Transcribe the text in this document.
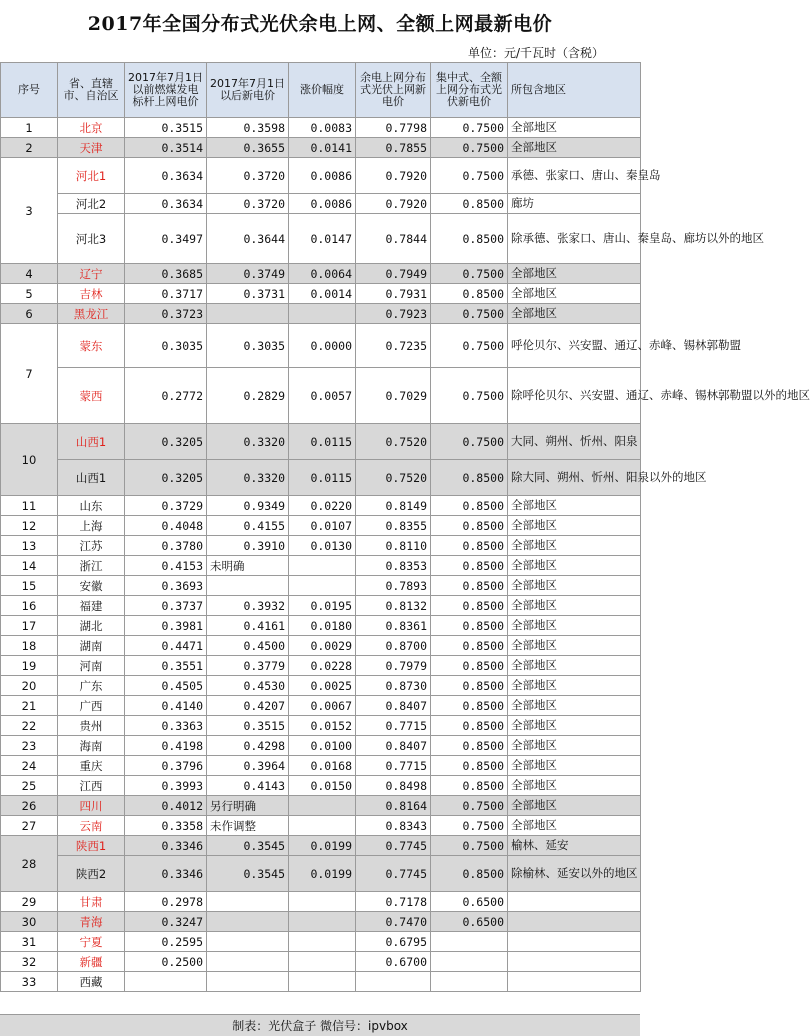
2017年全国分布式光伏余电上网、全额上网最新电价
单位：元/千瓦时（含税）
序号	省、直辖市、自治区	2017年7月1日以前燃煤发电标杆上网电价	2017年7月1日以后新电价	涨价幅度	余电上网分布式光伏上网新电价	集中式、全额上网分布式光伏新电价	所包含地区
1	北京	0.3515	0.3598	0.0083	0.7798	0.7500	全部地区
2	天津	0.3514	0.3655	0.0141	0.7855	0.7500	全部地区
3	河北1	0.3634	0.3720	0.0086	0.7920	0.7500	承德、张家口、唐山、秦皇岛
	河北2	0.3634	0.3720	0.0086	0.7920	0.8500	廊坊
	河北3	0.3497	0.3644	0.0147	0.7844	0.8500	除承德、张家口、唐山、秦皇岛、廊坊以外的地区
4	辽宁	0.3685	0.3749	0.0064	0.7949	0.7500	全部地区
5	吉林	0.3717	0.3731	0.0014	0.7931	0.8500	全部地区
6	黑龙江	0.3723			0.7923	0.7500	全部地区
7	蒙东	0.3035	0.3035	0.0000	0.7235	0.7500	呼伦贝尔、兴安盟、通辽、赤峰、锡林郭勒盟
	蒙西	0.2772	0.2829	0.0057	0.7029	0.7500	除呼伦贝尔、兴安盟、通辽、赤峰、锡林郭勒盟以外的地区
10	山西1	0.3205	0.3320	0.0115	0.7520	0.7500	大同、朔州、忻州、阳泉
	山西1	0.3205	0.3320	0.0115	0.7520	0.8500	除大同、朔州、忻州、阳泉以外的地区
11	山东	0.3729	0.9349	0.0220	0.8149	0.8500	全部地区
12	上海	0.4048	0.4155	0.0107	0.8355	0.8500	全部地区
13	江苏	0.3780	0.3910	0.0130	0.8110	0.8500	全部地区
14	浙江	0.4153	未明确		0.8353	0.8500	全部地区
15	安徽	0.3693			0.7893	0.8500	全部地区
16	福建	0.3737	0.3932	0.0195	0.8132	0.8500	全部地区
17	湖北	0.3981	0.4161	0.0180	0.8361	0.8500	全部地区
18	湖南	0.4471	0.4500	0.0029	0.8700	0.8500	全部地区
19	河南	0.3551	0.3779	0.0228	0.7979	0.8500	全部地区
20	广东	0.4505	0.4530	0.0025	0.8730	0.8500	全部地区
21	广西	0.4140	0.4207	0.0067	0.8407	0.8500	全部地区
22	贵州	0.3363	0.3515	0.0152	0.7715	0.8500	全部地区
23	海南	0.4198	0.4298	0.0100	0.8407	0.8500	全部地区
24	重庆	0.3796	0.3964	0.0168	0.7715	0.8500	全部地区
25	江西	0.3993	0.4143	0.0150	0.8498	0.8500	全部地区
26	四川	0.4012	另行明确		0.8164	0.7500	全部地区
27	云南	0.3358	未作调整		0.8343	0.7500	全部地区
28	陕西1	0.3346	0.3545	0.0199	0.7745	0.7500	榆林、延安
	陕西2	0.3346	0.3545	0.0199	0.7745	0.8500	除榆林、延安以外的地区
29	甘肃	0.2978			0.7178	0.6500	
30	青海	0.3247			0.7470	0.6500	
31	宁夏	0.2595			0.6795		
32	新疆	0.2500			0.6700		
33	西藏						
制表：光伏盒子 微信号：ipvbox
